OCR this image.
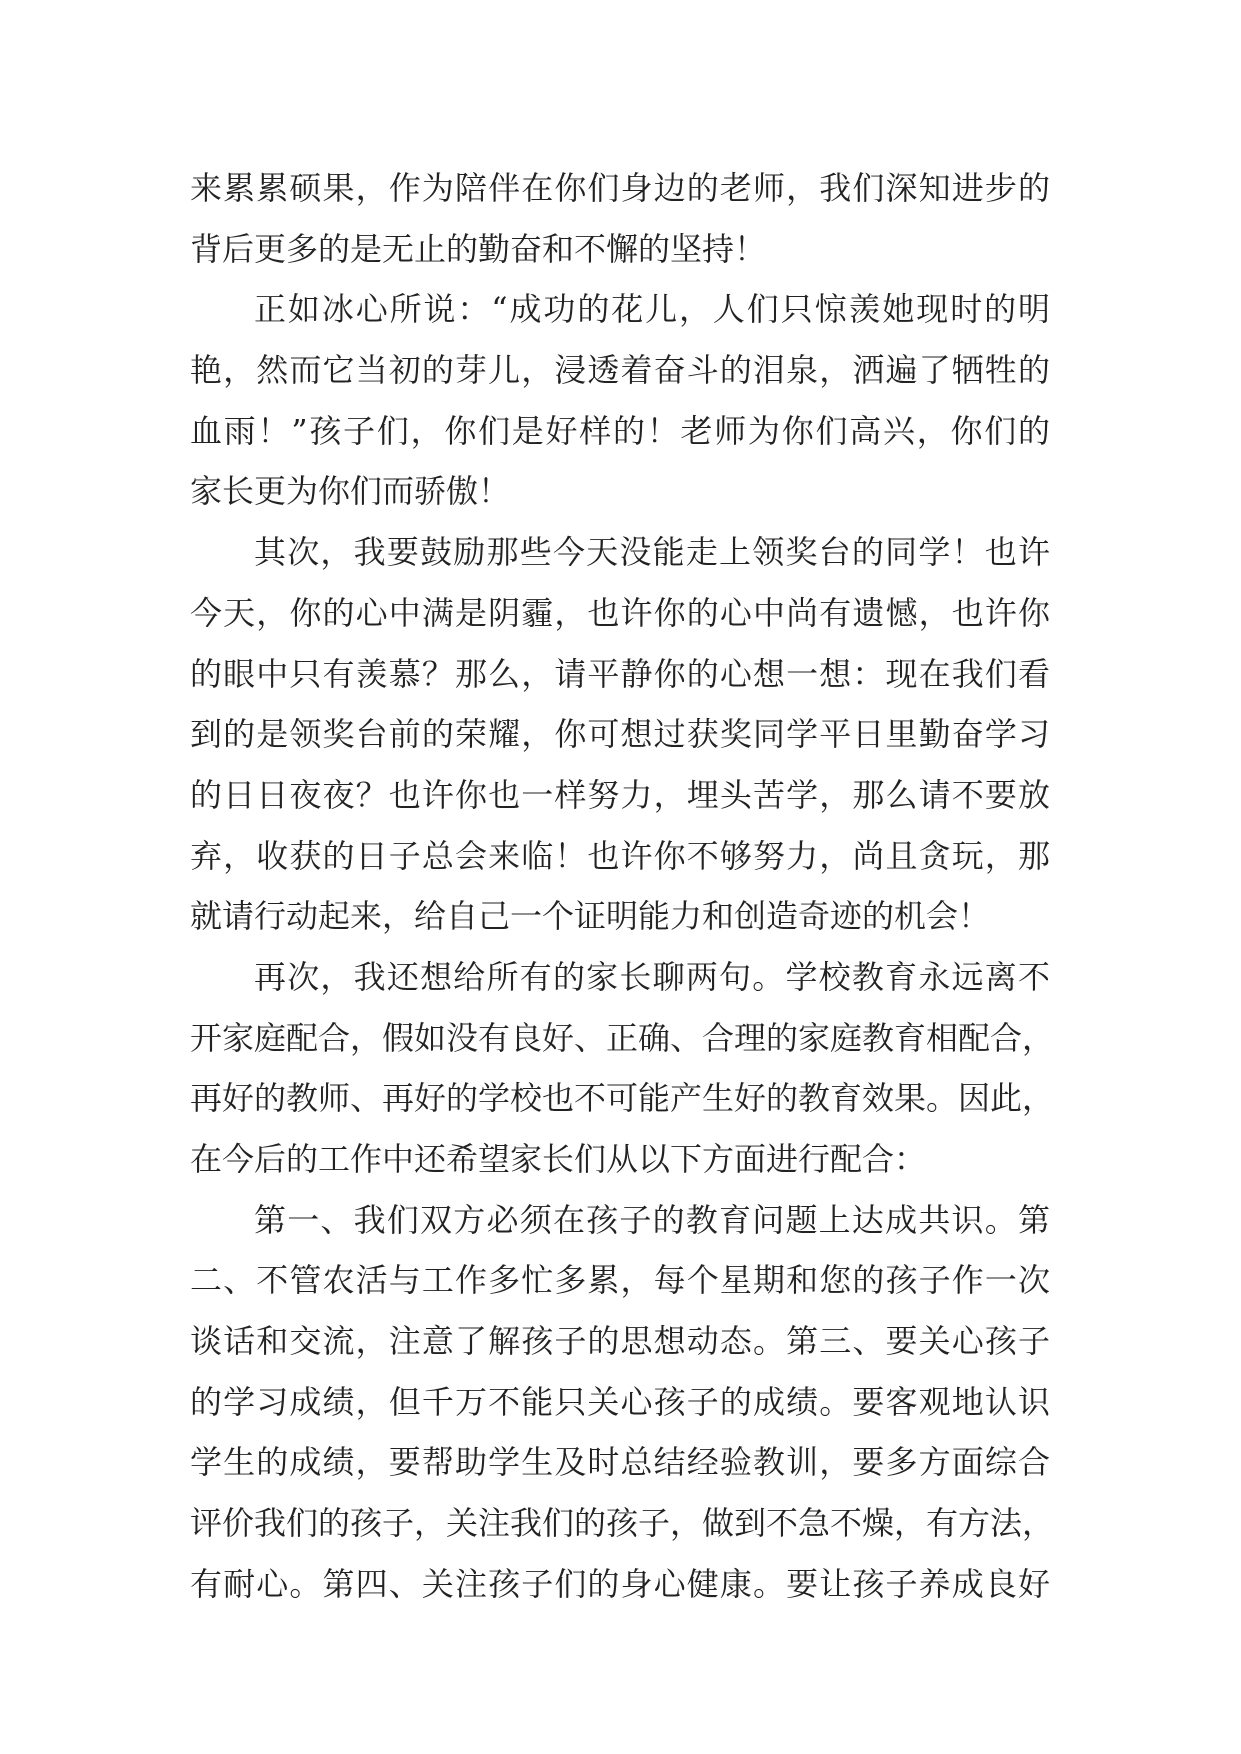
来累累硕果，作为陪伴在你们身边的老师，我们深知进步的
背后更多的是无止的勤奋和不懈的坚持！
正如冰心所说：“成功的花儿，人们只惊羡她现时的明
艳，然而它当初的芽儿，浸透着奋斗的泪泉，洒遍了牺牲的
血雨！”孩子们，你们是好样的！老师为你们高兴，你们的
家长更为你们而骄傲！
其次，我要鼓励那些今天没能走上领奖台的同学！也许
今天，你的心中满是阴霾，也许你的心中尚有遗憾，也许你
的眼中只有羡慕？那么，请平静你的心想一想：现在我们看
到的是领奖台前的荣耀，你可想过获奖同学平日里勤奋学习
的日日夜夜？也许你也一样努力，埋头苦学，那么请不要放
弃，收获的日子总会来临！也许你不够努力，尚且贪玩，那
就请行动起来，给自己一个证明能力和创造奇迹的机会！
再次，我还想给所有的家长聊两句。学校教育永远离不
开家庭配合，假如没有良好、正确、合理的家庭教育相配合，
再好的教师、再好的学校也不可能产生好的教育效果。因此，
在今后的工作中还希望家长们从以下方面进行配合：
第一、我们双方必须在孩子的教育问题上达成共识。第
二、不管农活与工作多忙多累，每个星期和您的孩子作一次
谈话和交流，注意了解孩子的思想动态。第三、要关心孩子
的学习成绩，但千万不能只关心孩子的成绩。要客观地认识
学生的成绩，要帮助学生及时总结经验教训，要多方面综合
评价我们的孩子，关注我们的孩子，做到不急不燥，有方法，
有耐心。第四、关注孩子们的身心健康。要让孩子养成良好
